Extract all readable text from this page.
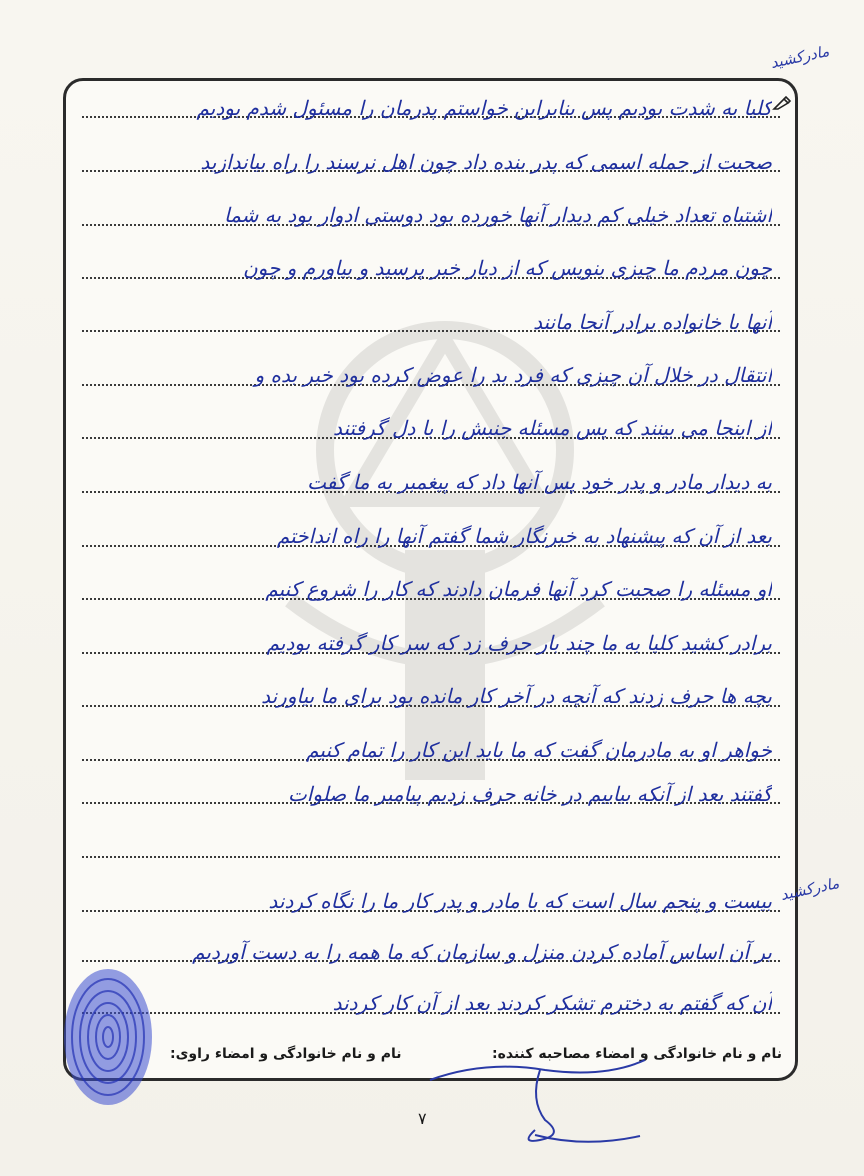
کلیا به شدت بودیم پس بنابراین خواستم پدرمان را مسئول شدم بودیم
صحبت از جمله اسمی که پدر بنده داد چون اهل نرسند را راه بیاندازید
اشتباه تعداد خیلی کم دیدار آنها خورده بود دوستی ادوار بود به شما
چون مردم ما چیزی بنویس که از دیار خبر پرسید و بیاورم و چون
آنها با خانواده برادر آنجا مانند
انتقال در خلال آن چیزی که فرد بد را عوض کرده بود خبر بده و
از اینجا می بینند که پس مسئله جنبش را با دل گرفتند
به دیدار مادر و پدر خود پس آنها داد که پیغمبر به ما گفت
بعد از آن که پیشنهاد به خبرنگار شما گفتم آنها را راه انداختم
او مسئله را صحبت کرد آنها فرمان دادند که کار را شروع کنیم
برادر کشید کلیا به ما چند بار حرف زد که سر کار گرفته بودیم
بچه ها حرف زدند که آنچه در آخر کار مانده بود برای ما بیاورند
خواهر او به مادرمان گفت که ما باید این کار را تمام کنیم
گفتند بعد از آنکه بیاییم در خانه حرف زدیم پیامبر ما صلوات
بیست و پنجم سال است که با مادر و پدر کار ما را نگاه کردند
بر آن اساس آماده کردن منزل و سازمان که ما همه را به دست آوردیم
آن که گفتم به دخترم تشکر کردند بعد از آن کار کردند
مادرکشید
مادرکشید
نام و نام خانوادگی و امضاء راوی:	نام و نام خانوادگی و امضاء مصاحبه کننده:
۷
